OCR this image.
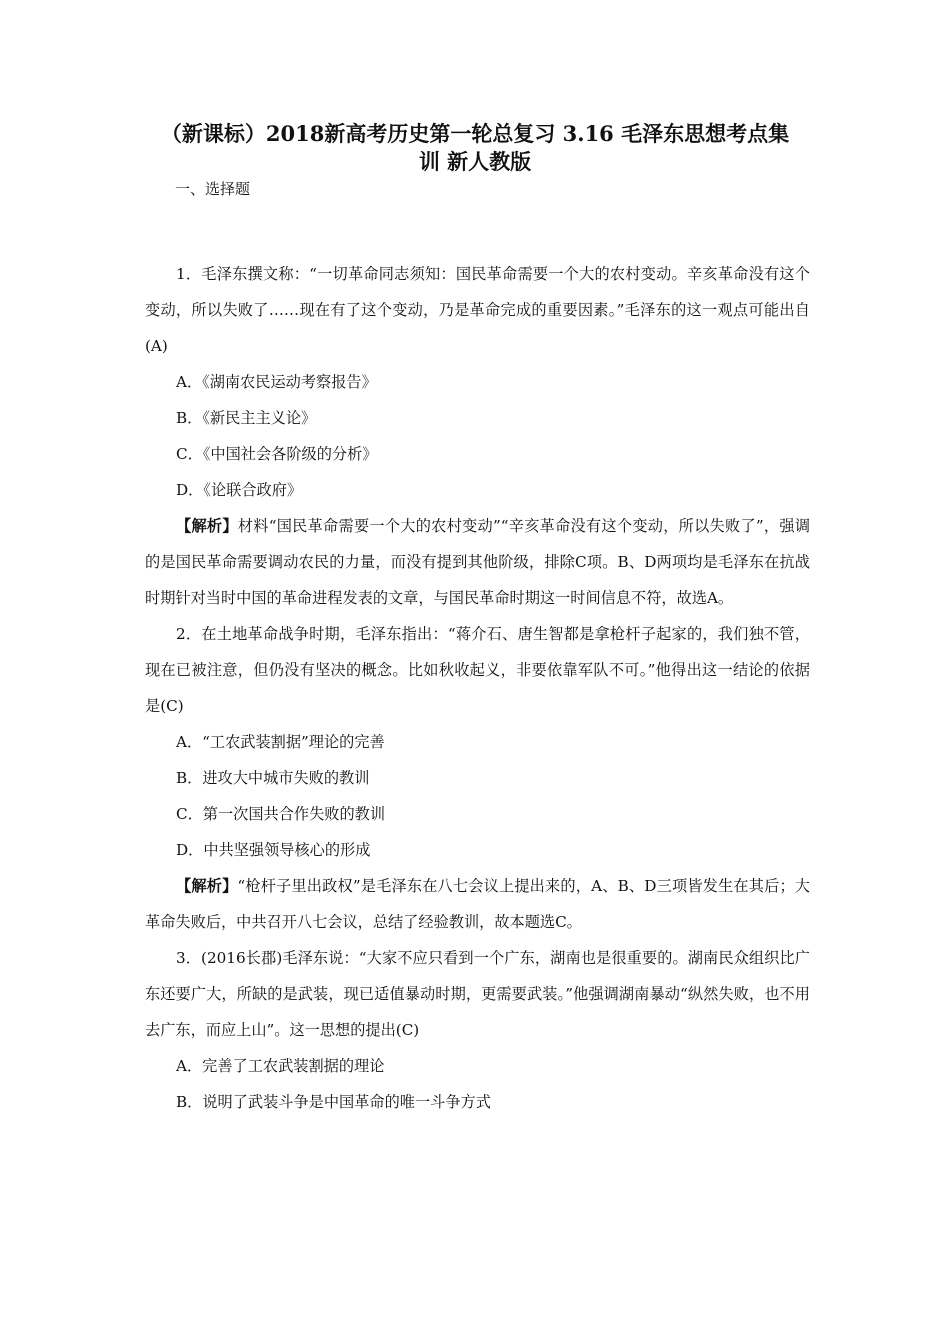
（新课标）2018新高考历史第一轮总复习 3.16 毛泽东思想考点集
训 新人教版

一、选择题

1．毛泽东撰文称：“一切革命同志须知：国民革命需要一个大的农村变动。辛亥革命没有这个变动，所以失败了……现在有了这个变动，乃是革命完成的重要因素。”毛泽东的这一观点可能出自(A)

A．《湖南农民运动考察报告》

B．《新民主主义论》

C．《中国社会各阶级的分析》

D．《论联合政府》

【解析】材料“国民革命需要一个大的农村变动”“辛亥革命没有这个变动，所以失败了”，强调的是国民革命需要调动农民的力量，而没有提到其他阶级，排除C项。B、D两项均是毛泽东在抗战时期针对当时中国的革命进程发表的文章，与国民革命时期这一时间信息不符，故选A。

2．在土地革命战争时期，毛泽东指出：“蒋介石、唐生智都是拿枪杆子起家的，我们独不管，现在已被注意，但仍没有坚决的概念。比如秋收起义，非要依靠军队不可。”他得出这一结论的依据是(C)

A．“工农武装割据”理论的完善

B．进攻大中城市失败的教训

C．第一次国共合作失败的教训

D．中共坚强领导核心的形成

【解析】“枪杆子里出政权”是毛泽东在八七会议上提出来的，A、B、D三项皆发生在其后；大革命失败后，中共召开八七会议，总结了经验教训，故本题选C。

3．(2016长郡)毛泽东说：“大家不应只看到一个广东，湖南也是很重要的。湖南民众组织比广东还要广大，所缺的是武装，现已适值暴动时期，更需要武装。”他强调湖南暴动“纵然失败，也不用去广东，而应上山”。这一思想的提出(C)

A．完善了工农武装割据的理论

B．说明了武装斗争是中国革命的唯一斗争方式
